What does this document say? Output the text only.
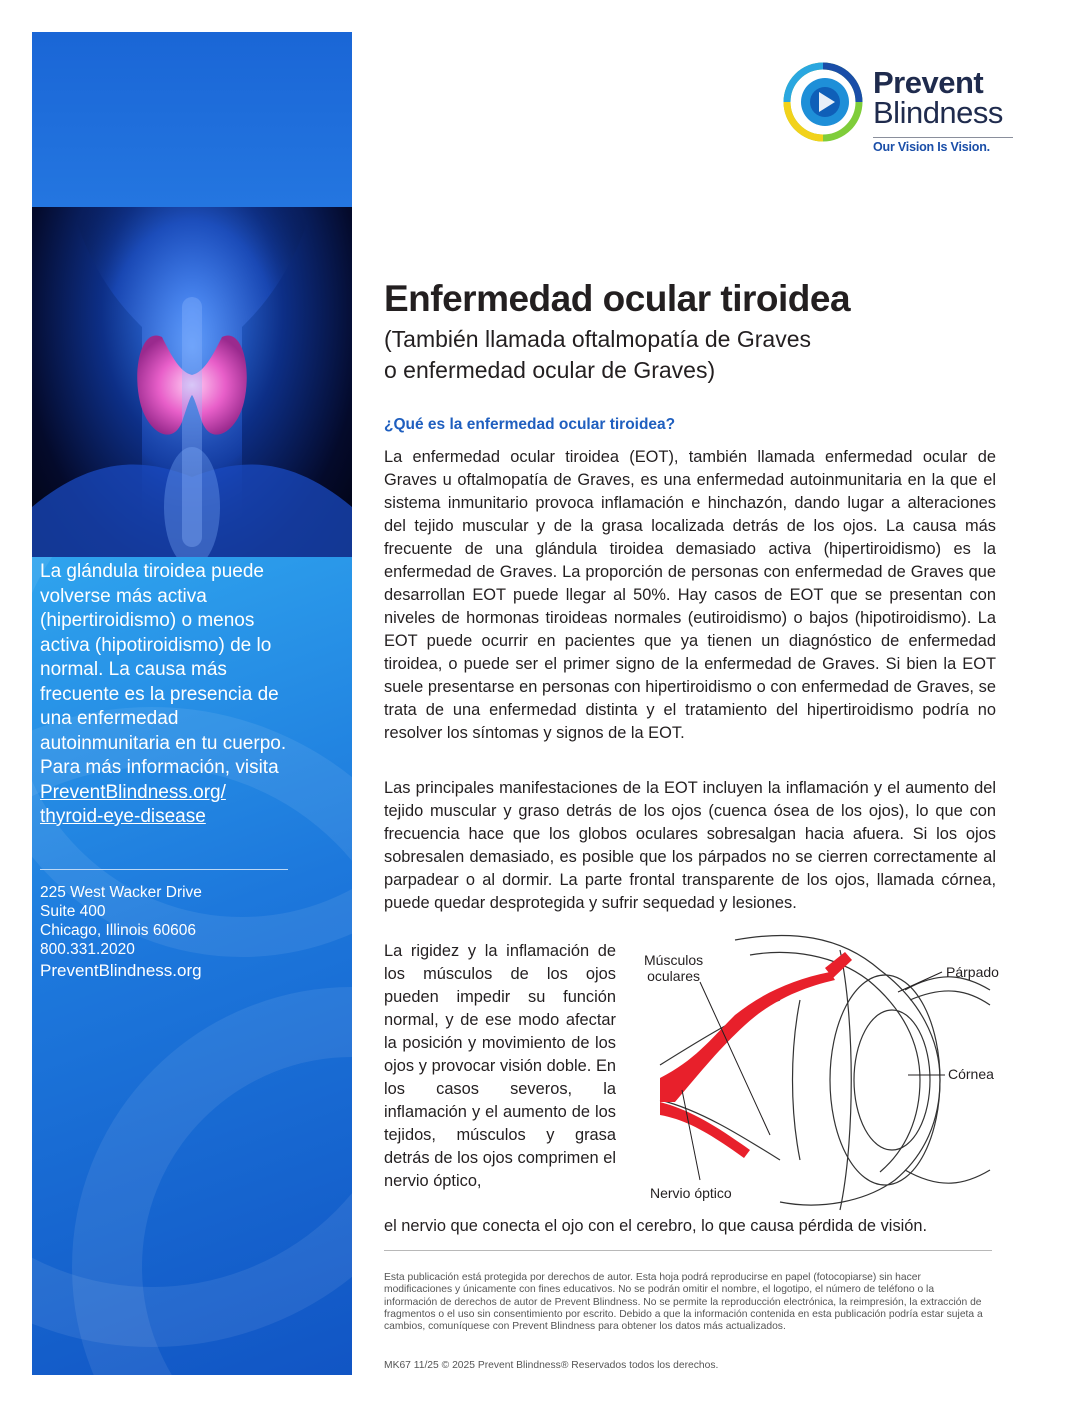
La glándula tiroidea puede volverse más activa (hipertiroidismo) o menos activa (hipotiroidismo) de lo normal. La causa más frecuente es la presencia de una enfermedad autoinmunitaria en tu cuerpo. Para más información, visita
PreventBlindness.org/
thyroid-eye-disease
225 West Wacker Drive
Suite 400
Chicago, Illinois 60606
800.331.2020
PreventBlindness.org
Prevent
Blindness
Our Vision Is Vision.
Enfermedad ocular tiroidea
(También llamada oftalmopatía de Graves
o enfermedad ocular de Graves)
¿Qué es la enfermedad ocular tiroidea?
La enfermedad ocular tiroidea (EOT), también llamada enfermedad ocular de Graves u oftalmopatía de Graves, es una enfermedad autoinmunitaria en la que el sistema inmunitario provoca inflamación e hinchazón, dando lugar a alteraciones del tejido muscular y de la grasa localizada detrás de los ojos. La causa más frecuente de una glándula tiroidea demasiado activa (hipertiroidismo) es la enfermedad de Graves. La proporción de personas con enfermedad de Graves que desarrollan EOT puede llegar al 50%. Hay casos de EOT que se presentan con niveles de hormonas tiroideas normales (eutiroidismo) o bajos (hipotiroidismo). La EOT puede ocurrir en pacientes que ya tienen un diagnóstico de enfermedad tiroidea, o puede ser el primer signo de la enfermedad de Graves. Si bien la EOT suele presentarse en personas con hipertiroidismo o con enfermedad de Graves, se trata de una enfermedad distinta y el tratamiento del hipertiroidismo podría no resolver los síntomas y signos de la EOT.
Las principales manifestaciones de la EOT incluyen la inflamación y el aumento del tejido muscular y graso detrás de los ojos (cuenca ósea de los ojos), lo que con frecuencia hace que los globos oculares sobresalgan hacia afuera. Si los ojos sobresalen demasiado, es posible que los párpados no se cierren correctamente al parpadear o al dormir. La parte frontal transparente de los ojos, llamada córnea, puede quedar desprotegida y sufrir sequedad y lesiones.
La rigidez y la inflamación de los músculos de los ojos pueden impedir su función normal, y de ese modo afectar la posición y movimiento de los ojos y provocar visión doble. En los casos severos, la inflamación y el aumento de los tejidos, músculos y grasa detrás de los ojos comprimen el nervio óptico,
el nervio que conecta el ojo con el cerebro, lo que causa pérdida de visión.
Músculos
oculares	Párpado
Córnea
Nervio óptico
Esta publicación está protegida por derechos de autor. Esta hoja podrá reproducirse en papel (fotocopiarse) sin hacer modificaciones y únicamente con fines educativos. No se podrán omitir el nombre, el logotipo, el número de teléfono o la información de derechos de autor de Prevent Blindness. No se permite la reproducción electrónica, la reimpresión, la extracción de fragmentos o el uso sin consentimiento por escrito. Debido a que la información contenida en esta publicación podría estar sujeta a cambios, comuníquese con Prevent Blindness para obtener los datos más actualizados.
MK67 11/25 © 2025 Prevent Blindness® Reservados todos los derechos.
